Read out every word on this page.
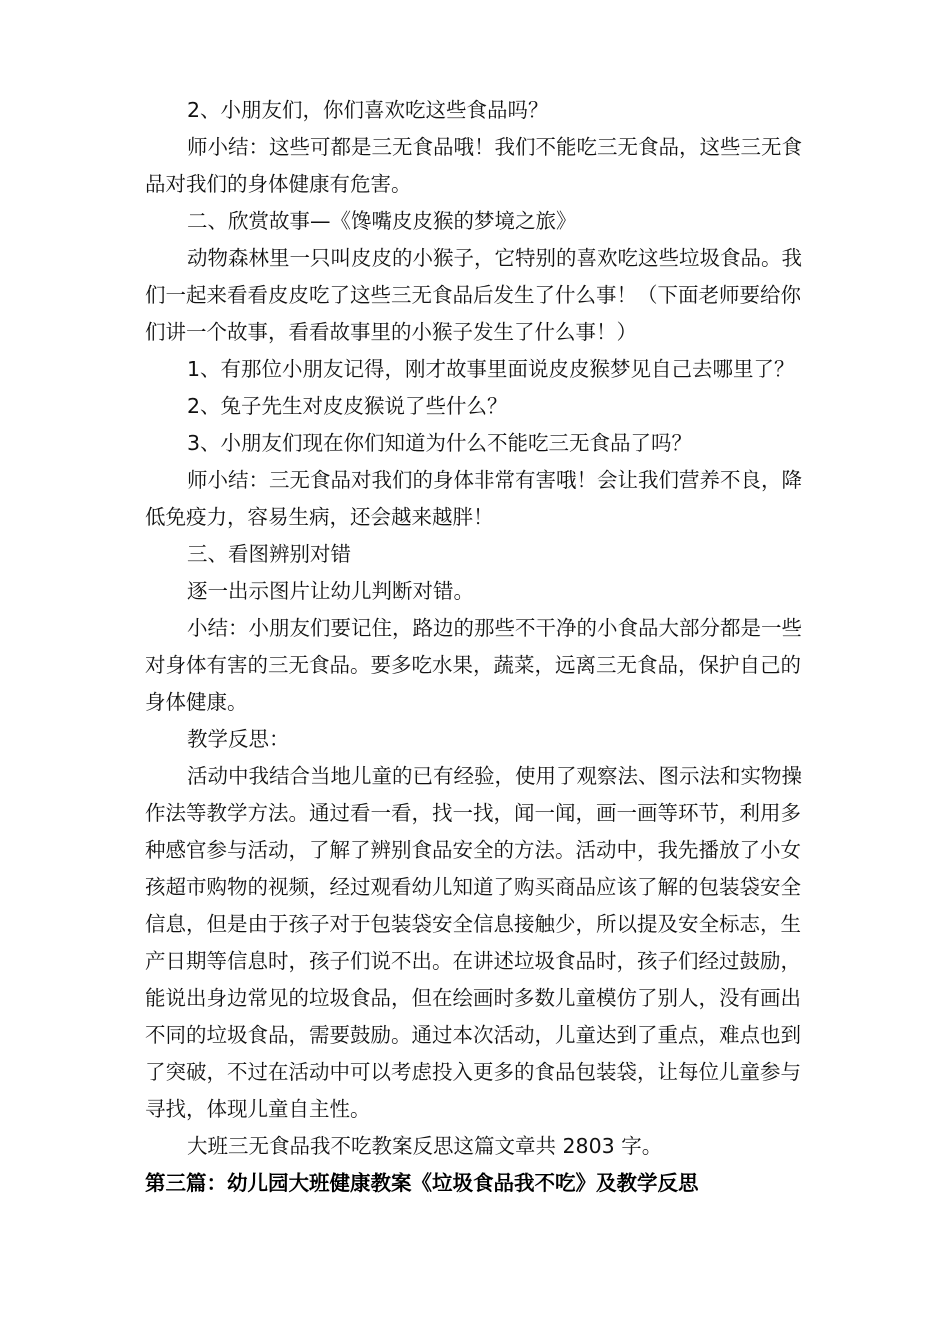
2、小朋友们，你们喜欢吃这些食品吗？

师小结：这些可都是三无食品哦！我们不能吃三无食品，这些三无食品对我们的身体健康有危害。

二、欣赏故事—《馋嘴皮皮猴的梦境之旅》

动物森林里一只叫皮皮的小猴子，它特别的喜欢吃这些垃圾食品。我们一起来看看皮皮吃了这些三无食品后发生了什么事！（下面老师要给你们讲一个故事，看看故事里的小猴子发生了什么事！）

1、有那位小朋友记得，刚才故事里面说皮皮猴梦见自己去哪里了？

2、兔子先生对皮皮猴说了些什么？

3、小朋友们现在你们知道为什么不能吃三无食品了吗？

师小结：三无食品对我们的身体非常有害哦！会让我们营养不良，降低免疫力，容易生病，还会越来越胖！

三、看图辨别对错

逐一出示图片让幼儿判断对错。

小结：小朋友们要记住，路边的那些不干净的小食品大部分都是一些对身体有害的三无食品。要多吃水果，蔬菜，远离三无食品，保护自己的身体健康。

教学反思：

活动中我结合当地儿童的已有经验，使用了观察法、图示法和实物操作法等教学方法。通过看一看，找一找，闻一闻，画一画等环节，利用多种感官参与活动，了解了辨别食品安全的方法。活动中，我先播放了小女孩超市购物的视频，经过观看幼儿知道了购买商品应该了解的包装袋安全信息，但是由于孩子对于包装袋安全信息接触少，所以提及安全标志，生产日期等信息时，孩子们说不出。在讲述垃圾食品时，孩子们经过鼓励，能说出身边常见的垃圾食品，但在绘画时多数儿童模仿了别人，没有画出不同的垃圾食品，需要鼓励。通过本次活动，儿童达到了重点，难点也到了突破，不过在活动中可以考虑投入更多的食品包装袋，让每位儿童参与寻找，体现儿童自主性。

大班三无食品我不吃教案反思这篇文章共 2803 字。

第三篇：幼儿园大班健康教案《垃圾食品我不吃》及教学反思
